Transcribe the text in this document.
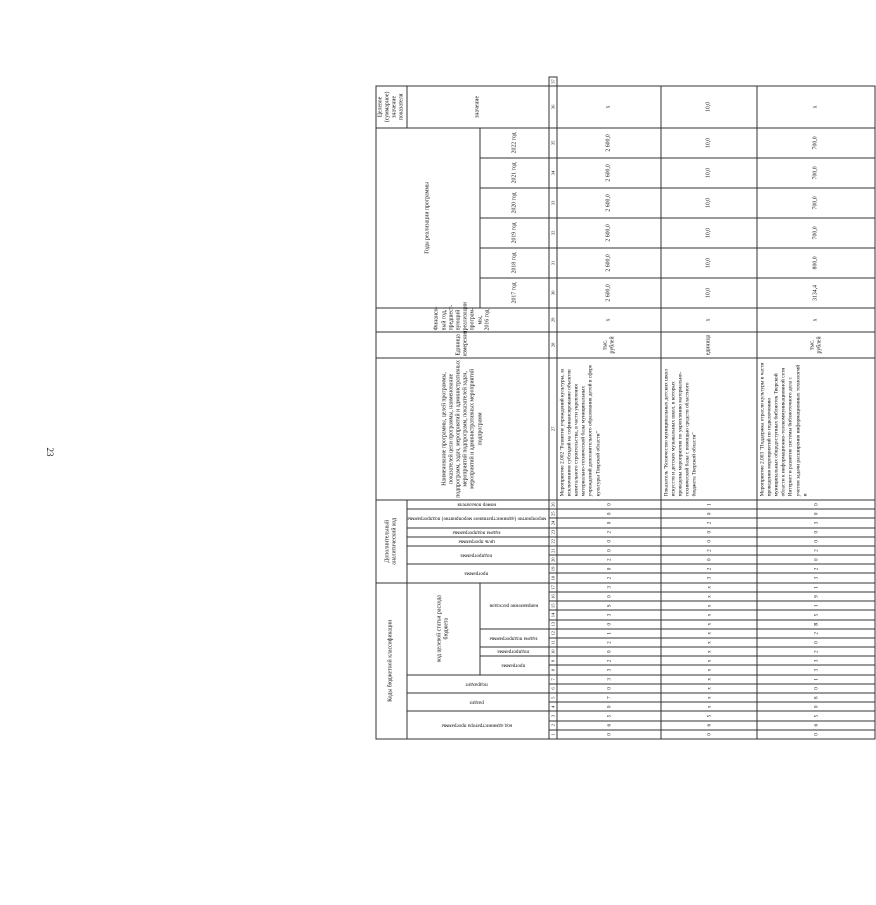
23
Коды бюджетной классификации																	Дополнительный аналитический код									Наименование программы, целей программы, показателей цели программы, наименование подпрограмм, задач, мероприятий и административных мероприятий подпрограмм, показателей задач, мероприятий и административных мероприятий подпрограмм	Единица измерения	Финансо-вый год, предшест-вующий реализации програм-мы, 2016 год	Годы реализации программы						Целевое (суммарное) значение показателя	
код администратора программы			раздел		подраздел		код целевой статьи расхода бюджета										программа		подпрограмма		цель программы	задача подпрограммы	мероприятие (административное мероприятие) подпрограммы		номер показателя										значение	
							программа		подпрограмма	задача подпрограммы		направление расходов																	2017 год	2018 год	2019 год	2020 год	2021 год	2022 год		
1	2	3	4	5	6	7	8	9	10	11	12	13	14	15	16	17	18	19	20	21	22	23	24	25	26	27	28	29	30	31	32	33	34	35	36	37
0	6	5	0	7	0	3	3	2	0	2	1	0	3	S	0	3	2	0	2	0	0	2	0	0	0	Мероприятие 2.002 "Развитие учреждений культуры, за исключением субсидий на софинансирование объектов капитального строительства, в части укрепления материально-технической базы муниципальных учреждений дополнительного образования детей в сфере культуры Тверской области"	тыс. рублей	х	2 600,0	2 600,0	2 600,0	2 600,0	2 600,0	2 600,0	х	
0	6	5	х	х	х	х	х	х	х	х	х	х	х	х	х	х	3	2	0	2	0	0	2	0	1	Показатель "Количество муниципальных детских школ искусств и детских музыкальных школ, в которых проведены мероприятия по укреплению материально-технической базы с помощью средств областного бюджета Тверской области"	единица	х	10,0	10,0	10,0	10,0	10,0	10,0	10,0	
0	6	5	0	8	0	1	3	3	2	0	2	R	5	1	9	1	3	2	0	2	0	0	3	0	0	Мероприятие 2.003 "Поддержка отрасли культуры в части проведения мероприятий по подключению муниципальных общедоступных библиотек Тверской области к информационно-телекоммуникационной сети Интернет и развитие системы библиотечного дела с учетом задачи расширения информационных технологий и	тыс. рублей	х	3134,4	800,0	700,0	700,0	700,0	700,0	х	
